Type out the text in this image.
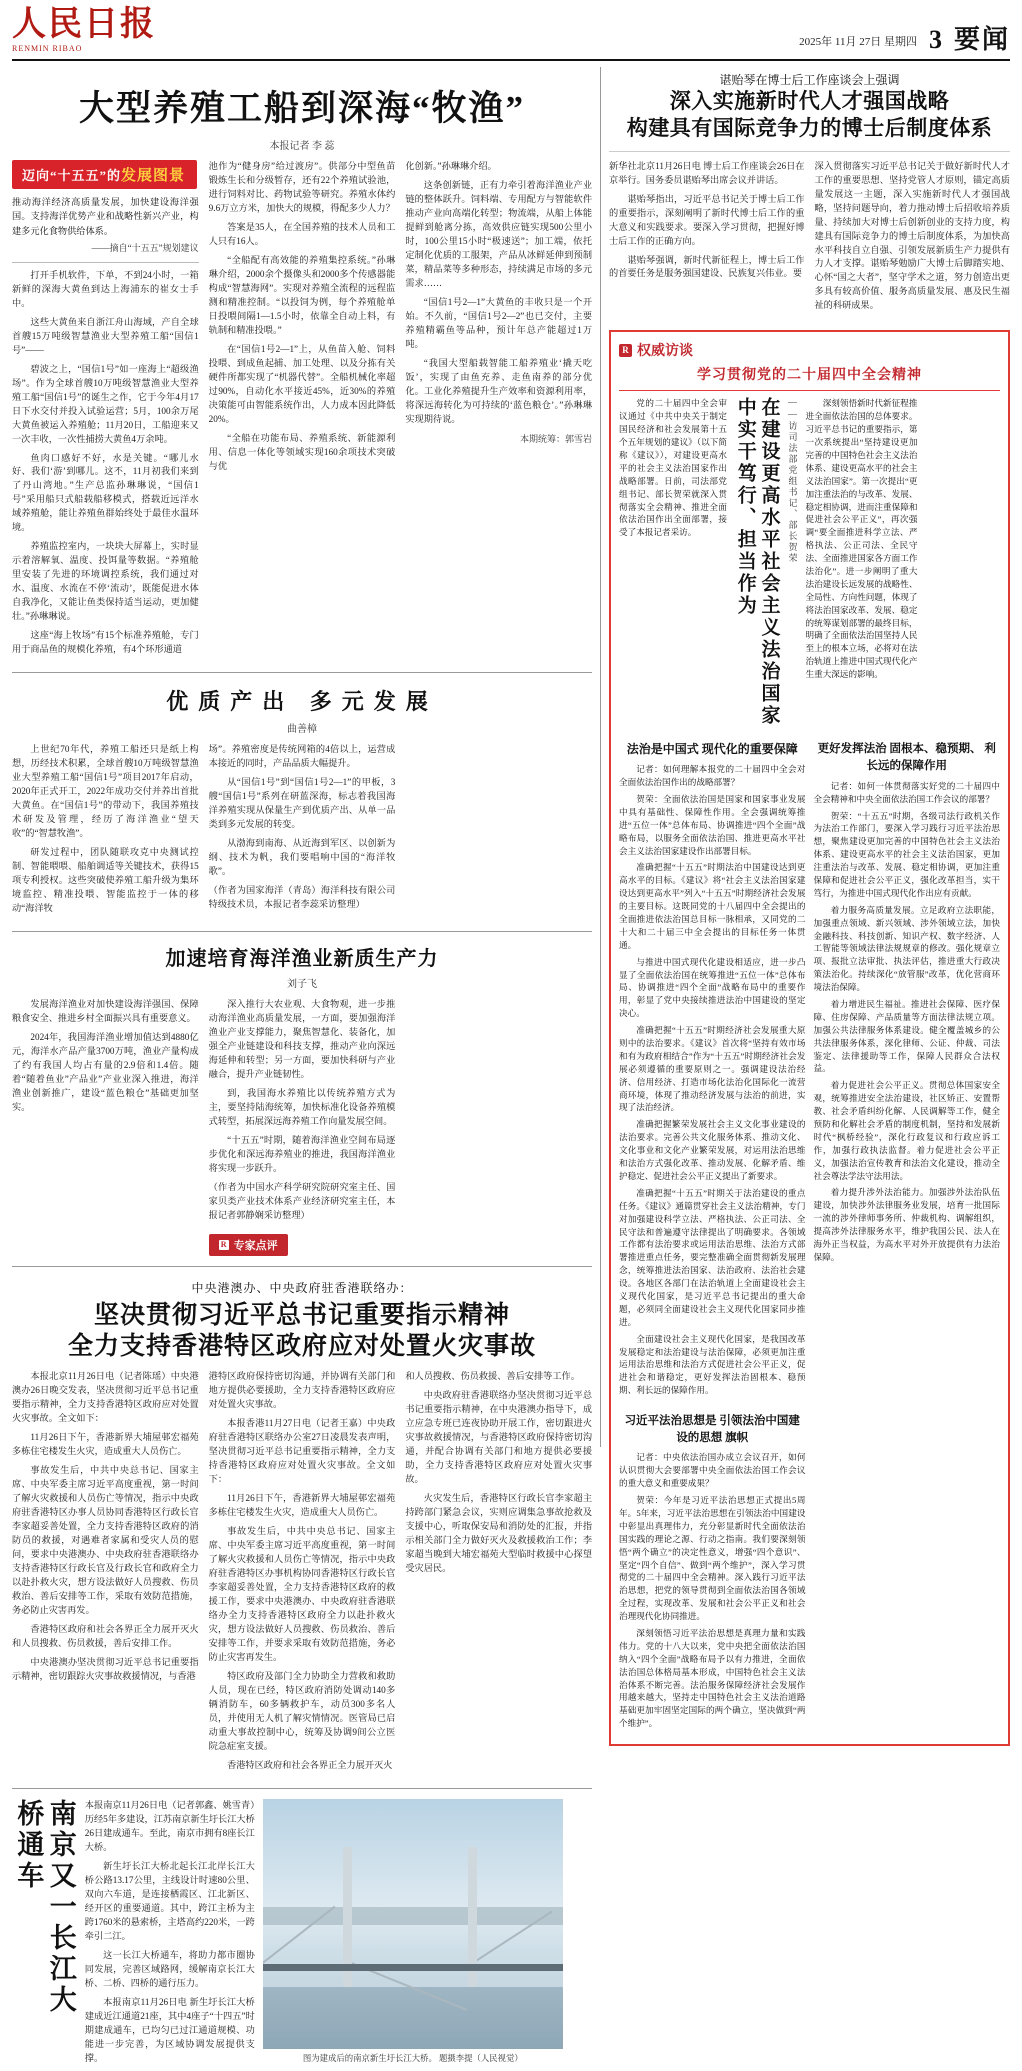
人民日报
RENMIN RIBAO
2025年 11月 27日 星期四 3 要闻
大型养殖工船到深海“牧渔”
本报记者 李 蕊
迈向“十五五”的发展图景
推动海洋经济高质量发展，加快建设海洋强国。支持海洋优势产业和战略性新兴产业，构建多元化食物供给体系。
——摘自“十五五”规划建议

打开手机软件，下单，不到24小时，一箱新鲜的深海大黄鱼到达上海浦东的崔女士手中。

这些大黄鱼来自浙江舟山海域，产自全球首艘15万吨级智慧渔业大型养殖工船“国信1号”——

碧波之上，“国信1号”如一座海上“超级渔场”。作为全球首艘10万吨级智慧渔业大型养殖工船“国信1号”的诞生之作，它于今年4月17日下水交付并投入试验运营；5月，100余万尾大黄鱼被运入养殖舱；11月20日，工船迎来又一次丰收，一次性捕捞大黄鱼4万余吨。

鱼肉口感好不好，水是关键。“哪儿水好、我们‘游’到哪儿。这不，11月初我们来到了丹山湾地。”生产总监孙琳琳说，“国信1号”采用船只式船载船移模式，搭载近远洋水域养殖舱，能让养殖鱼群始终处于最佳水温环境。

养殖监控室内，一块块大屏幕上，实时显示着溶解氧、温度、投饵量等数据。“养殖舱里安装了先进的环境调控系统，我们通过对水、温度、水流在不停‘流动’，既能促进水体自我净化，又能让鱼类保持适当运动，更加健壮。”孙琳琳说。

这座“海上牧场”有15个标准养殖舱，专门用于商品鱼的规模化养殖，有4个环形通道

池作为“健身房”给过渡房”。供部分中型鱼苗锻炼生长和分级暂存，还有22个养殖试验池，进行饲料对比、药物试验等研究。养殖水体约9.6万立方米，加快大的规模，得配多少人力？

答案是35人，在全国养殖的技术人员和工人只有16人。

“全船配有高效能的养殖集控系统。”孙琳琳介绍，2000余个摄像头和2000多个传感器能构成“智慧海网”。实现对养殖全流程的远程监测和精准控制。“以投饲为例，每个养殖舱单日投喂间隔1—1.5小时，依靠全自动上料，有轨制和精准投喂。”

在“国信1号2—1”上，从鱼苗入舱、饲料投喂、到成鱼起捕、加工处理、以及分拣有关硬件所都实现了“机器代替”。全船机械化率超过90%，自动化水平接近45%，近30%的养殖决策能可由智能系统作出，人力成本因此降低20%。

“全船在功能布局、养殖系统、新能源利用、信息一体化等领域实现160余项技术突破与优

化创新。”孙琳琳介绍。

这条创新链，正有力牵引着海洋渔业产业链的整体跃升。饲料端、专用配方与智能软件推动产业向高端化转型；物流端，从船上体能提鲜到舱离分拣，高效供应链实现500公里小时，100公里15小时“极速送”；加工端，依托定制化优质的工服架，产品从冰鲜延伸到预制菜，精品菜等多种形态，持续满足市场的多元需求……

“国信1号2—1”大黄鱼的丰收只是一个开始。不久前，“国信1号2—2”也已交付，主要养殖精霸鱼等品种，预计年总产能超过1万吨。

“我国大型船载智能工船养殖业‘撬天吃饭’，实现了由鱼充养、走鱼南养的部分优化。工业化养殖提升生产效率和资源利用率，将深远海转化为可持续的‘蓝色粮仓’。”孙琳琳实现期待说。

本期统筹：郭雪岩
优质产出 多元发展
曲善樟

上世纪70年代，养殖工船还只是纸上构想，历经技术积累，全球首艘10万吨级智慧渔业大型养殖工船“国信1号”项目2017年启动，2020年正式开工，2022年成功交付并养出首批大黄鱼。在“国信1号”的带动下，我国养殖技术研发及管理，经历了海洋渔业“望天收”的“智慧牧渔”。

研发过程中，团队随联攻克中央测试控制、智能喂喂、船舶调适等关键技术，获得15项专利授权。这些突破使养殖工船升级为集环境监控、精准投喂、智能监控于一体的移动“海洋牧

场”。养殖密度是传统网箱的4倍以上，运营成本接近的同时，产品品质大幅提升。

从“国信1号”到“国信1号2—1”的甲板，3艘“国信1号”系列在研蓝深海，标志着我国海洋养殖实现从保量生产到优质产出、从单一品类到多元发展的转变。

从渤海到南海、从近海到军区、以创新为纲、技术为帆，我们要唱响中国的“海洋牧歌”。

（作者为国家海洋（青岛）海洋科技有限公司特级技术员，本报记者李蕊采访整理）

加速培育海洋渔业新质生产力
刘子飞

发展海洋渔业对加快建设海洋强国、保障粮食安全、推进乡村全面振兴具有重要意义。

2024年，我国海洋渔业增加值达到4880亿元，海洋水产品产量3700万吨，渔业产量构成了约有我国人均占有量的2.9倍和1.4倍。随着“随着鱼业”产品业”产业业深入推进，海洋渔业创新推广，建设“蓝色粮仓”基础更加坚实。

深入推行大农业观、大食物观，进一步推动海洋渔业高质量发展，一方面，要加强海洋渔业产业支撑能力，聚焦智慧化、装备化，加强全产业链建设和科技支撑，推动产业向深远海延伸和转型；另一方面，要加快科研与产业融合，提升产业链韧性。

到，我国海水养殖比以传统养殖方式为主，要坚持陆海统筹，加快标准化设备养殖模式转型，拓展深远海养殖工作向量发展空间。

“十五五”时期，随着海洋渔业空间布局逐步优化和深远海养殖业的推进，我国海洋渔业将实现一步跃升。

（作者为中国水产科学研究院研究室主任、国家贝类产业技术体系产业经济研究室主任，本报记者郭静娴采访整理）

R 专家点评
中央港澳办、中央政府驻香港联络办：
坚决贯彻习近平总书记重要指示精神
全力支持香港特区政府应对处置火灾事故

本报北京11月26日电（记者陈瑶）中央港澳办26日晚交发表，坚决贯彻习近平总书记重要指示精神，全力支持香港特区政府应对处置火灾事故。全文如下：

11月26日下午，香港新界大埔屋邨宏福苑多栋住宅楼发生火灾，造成重大人员伤亡。

事故发生后，中共中央总书记、国家主席、中央军委主席习近平高度重视，第一时间了解火灾救援和人员伤亡等情况，指示中央政府驻香港特区办事人员协同香港特区行政长官李家超妥善处置，全力支持香港特区政府的消防员的救援，对遇难者家属和受灾人员的慰问，要求中央港澳办、中央政府驻香港联络办支持香港特区行政长官及行政长官和政府全力以赴扑救火灾，想方设法做好人员搜救、伤员救治、善后安排等工作，采取有效防范措施，务必防止灾害再发。

香港特区政府和社会各界正全力展开灭火和人员搜救、伤员救援，善后安排工作。

中央港澳办坚决贯彻习近平总书记重要指示精神，密切跟踪火灾事故救援情况，与香港

港特区政府保持密切沟通，并协调有关部门和地方提供必要援助，全力支持香港特区政府应对处置火灾事故。

本报香港11月27日电（记者王嘉）中央政府驻香港特区联络办公室27日凌晨发表声明，坚决贯彻习近平总书记重要指示精神，全力支持香港特区政府应对处置火灾事故。全文如下：

11月26日下午，香港新界大埔屋邨宏福苑多栋住宅楼发生火灾，造成重大人员伤亡。

事故发生后，中共中央总书记、国家主席、中央军委主席习近平高度重视，第一时间了解火灾救援和人员伤亡等情况，指示中央政府驻香港特区办事机构协同香港特区行政长官李家超妥善处置，全力支持香港特区政府的救援工作，要求中央港澳办、中央政府驻香港联络办全力支持香港特区政府全力以赴扑救火灾，想方设法做好人员搜救、伤员救治、善后安排等工作，并要求采取有效防范措施，务必防止灾害再发生。

特区政府及部门全力协助全力营救和救助人员，现在已经，特区政府消防处调动140多辆消防车，60多辆救护车，动员300多名人员，并使用无人机了解灾情情况。医管局已启动重大事故控制中心，统筹及协调9间公立医院急症室支援。

香港特区政府和社会各界正全力展开灭火

和人员搜救、伤员救援、善后安排等工作。

中央政府驻香港联络办坚决贯彻习近平总书记重要指示精神，在中央港澳办指导下，成立应急专班已连夜协助开展工作，密切跟进火灾事故救援情况，与香港特区政府保持密切沟通，并配合协调有关部门和地方提供必要援助，全力支持香港特区政府应对处置火灾事故。

火灾发生后，香港特区行政长官李家超主持跨部门紧急会议，实则应调集急事故抢救及支援中心，听取保安局和消防处的汇报，并指示相关部门全力做好灭火及救援救治工作；李家超当晚到大埔宏福苑大型临时救援中心探望受灾居民。

南京又一长江大桥通车	本报南京11月26日电（记者郭鑫、姚雪青）历经5年多建设，江苏南京新生圩长江大桥26日建成通车。至此，南京市拥有8座长江大桥。

新生圩长江大桥北起长江北岸长江大桥公路13.17公里，主线设计时速80公里、双向六车道，是连接栖霞区、江北新区、经开区的重要通道。其中，跨江主桥为主跨1760米的悬索桥，主塔高约220米，一跨牵引二江。

这一长江大桥通车，将助力都市圈协同发展，完善区域路网，缓解南京长江大桥、二桥、四桥的通行压力。

本报南京11月26日电 新生圩长江大桥建成近江通道21座，其中4座子“十四五”时期建成通车，已均匀已过江通道规模、功能进一步完善，为区域协调发展提供支撑。	图为建成后的南京新生圩长江大桥。 题摄李提（人民视觉）
谌贻琴在博士后工作座谈会上强调
深入实施新时代人才强国战略
构建具有国际竞争力的博士后制度体系

新华社北京11月26日电 博士后工作座谈会26日在京举行。国务委员谌贻琴出席会议并讲话。

谌贻琴指出，习近平总书记关于博士后工作的重要指示，深刻阐明了新时代博士后工作的重大意义和实践要求。要深入学习贯彻，把握好博士后工作的正确方向。

谌贻琴强调，新时代新征程上，博士后工作的首要任务是服务强国建设、民族复兴伟业。要

深入贯彻落实习近平总书记关于做好新时代人才工作的重要思想、坚持党管人才原则，锚定高质量发展这一主题，深入实施新时代人才强国战略，坚持问题导向，着力推动博士后招收培养质量、持续加大对博士后创新创业的支持力度，构建具有国际竞争力的博士后制度体系，为加快高水平科技自立自强、引领发展新质生产力提供有力人才支撑。谌贻琴勉励广大博士后脚踏实地、心怀“国之大者”，坚守学术之道，努力创造出更多具有较高价值、服务高质量发展、惠及民生福祉的科研成果。

R 权威访谈
学习贯彻党的二十届四中全会精神

党的二十届四中全会审议通过《中共中央关于制定国民经济和社会发展第十五个五年规划的建议》（以下简称《建议》），对建设更高水平的社会主义法治国家作出战略部署。日前，司法部党组书记、部长贺荣就深入贯彻落实全会精神、推进全面依法治国作出全面部署，接受了本报记者采访。	在建设更高水平社会主义法治国家中实干笃行、担当作为	——访司法部党组书记、部长贺荣	深刻领悟新时代新征程推进全面依法治国的总体要求。习近平总书记的重要指示，第一次系统提出“坚持建设更加完善的中国特色社会主义法治体系、建设更高水平的社会主义法治国家”。第一次提出“更加注重法治的与改革、发展、稳定相协调，进而注重保障和促进社会公平正义”，再次强调“要全面推进科学立法、严格执法、公正司法、全民守法、全面推进国家各方面工作法治化”。进一步阐明了重大法治建设长远发展的战略性、全局性、方向性问题，体现了将法治国家改革、发展、稳定的统筹谋划部署的最终目标，明确了全面依法治国坚持人民至上的根本立场，必将对在法治轨道上推进中国式现代化产生重大深远的影响。

法治是中国式 现代化的重要保障

记者：如何理解本报党的二十届四中全会对全面依法治国作出的战略部署？

贺荣：全面依法治国是国家和国家事业发展中具有基础性、保障性作用。全会强调统筹推进“五位一体”总体布局、协调推进“四个全面”战略布局，以服务全面依法治国、推进更高水平社会主义法治国家建设作出部署目标。

准确把握“十五五”时期法治中国建设达到更高水平的目标。《建议》将“社会主义法治国家建设达到更高水平”列入“十五五”时期经济社会发展的主要目标。这既同党的十八届四中全会提出的全面推进依法治国总目标一脉相承，又同党的二十大和二十届三中全会提出的目标任务一体贯通。

与推进中国式现代化建设相适应，进一步凸显了全面依法治国在统筹推进“五位一体”总体布局、协调推进“四个全面”战略布局中的重要作用，彰显了党中央接续推进法治中国建设的坚定决心。

准确把握“十五五”时期经济社会发展重大原则中的法治要求。《建议》首次将“坚持有效市场和有为政府相结合”作为“十五五”时期经济社会发展必须遵循的重要原则之一。强调建设法治经济、信用经济、打造市场化法治化国际化一流营商环境，体现了推动经济发展与法治的前进，实现了法治经济。

准确把握繁荣发展社会主义文化事业建设的法治要求。完善公共文化服务体系、推动文化、文化事业和文化产业繁荣发展，对运用法治思维和法治方式强化改革、推动发展、化解矛盾、维护稳定、促进社会公平正义提出了新要求。

准确把握“十五五”时期关于法治建设的重点任务。《建议》通篇贯穿社会主义法治精神，专门对加强建设科学立法、严格执法、公正司法、全民守法和普遍遵守法律提出了明确要求。各领域工作都有法治要求或运用法治思维、法治方式部署推进重点任务，要完整准确全面贯彻新发展理念，统筹推进法治国家、法治政府、法治社会建设。各地区各部门在法治轨道上全面建设社会主义现代化国家，是习近平总书记提出的重大命题，必须同全面建设社会主义现代化国家同步推进。

全面建设社会主义现代化国家，是我国改革发展稳定和法治建设与法治保障，必须更加注重运用法治思维和法治方式促进社会公平正义，促进社会和谐稳定，更好发挥法治固根本、稳预期、利长远的保障作用。

更好发挥法治 固根本、稳预期、 利长远的保障作用

记者：如何一体贯彻落实好党的二十届四中全会精神和中央全面依法治国工作会议的部署？

贺荣：“十五五”时期，各级司法行政机关作为法治工作部门，要深入学习践行习近平法治思想，聚焦建设更加完善的中国特色社会主义法治体系、建设更高水平的社会主义法治国家，更加注重法治与改革、发展、稳定相协调，更加注重保障和促进社会公平正义，强化改革担当，实干笃行，为推进中国式现代化作出应有贡献。

着力服务高质量发展。立足政府立法职能，加强重点领域、新兴领域、涉外领域立法，加快金融科技、科技创新、知识产权、数字经济、人工智能等领域法律法规规章的修改。强化规章立项、报批立法审批、执法评估，推进重大行政决策法治化。持续深化“放管服”改革，优化营商环境法治保障。

着力增进民生福祉。推进社会保障、医疗保障、住房保障、产品质量等方面法律法规立项。加强公共法律服务体系建设。健全覆盖城乡的公共法律服务体系，深化律师、公证、仲裁、司法鉴定、法律援助等工作，保障人民群众合法权益。

着力促进社会公平正义。贯彻总体国家安全观，统筹推进安全法治建设，社区矫正、安置帮教、社会矛盾纠纷化解、人民调解等工作，健全预防和化解社会矛盾的制度机制，坚持和发展新时代“枫桥经验”，深化行政复议和行政应诉工作，加强行政执法监督。着力促进社会公平正义，加强法治宣传教育和法治文化建设，推动全社会尊法学法守法用法。

着力提升涉外法治能力。加强涉外法治队伍建设，加快涉外法律服务业发展，培育一批国际一流的涉外律师事务所、仲裁机构、调解组织，提高涉外法律服务水平，维护我国公民、法人在海外正当权益，为高水平对外开放提供有力法治保障。

习近平法治思想是 引领法治中国建设的思想 旗帜

记者：中央依法治国办成立会议召开，如何认识贯彻大会要部署中央全面依法治国工作会议的重大意义和重要成果？

贺荣：今年是习近平法治思想正式提出5周年。5年来，习近平法治思想在引领法治中国建设中彰显出真理伟力，充分彰显新时代全面依法治国实践的理论之源、行动之指南。我们要深刻领悟“两个确立”的决定性意义，增强“四个意识”、坚定“四个自信”、做到“两个维护”，深入学习贯彻党的二十届四中全会精神。深入践行习近平法治思想，把党的领导贯彻到全面依法治国各领域全过程，实现改革、发展和社会公平正义和社会治理现代化协同推进。

深刻领悟习近平法治思想是真理力量和实践伟力。党的十八大以来，党中央把全面依法治国纳入“四个全面”战略布局予以有力推进，全面依法治国总体格局基本形成，中国特色社会主义法治体系不断完善。法治服务保障经济社会发展作用越来越大，坚持走中国特色社会主义法治道路基础更加牢固坚定国际的两个确立，坚决做到“两个维护”。
